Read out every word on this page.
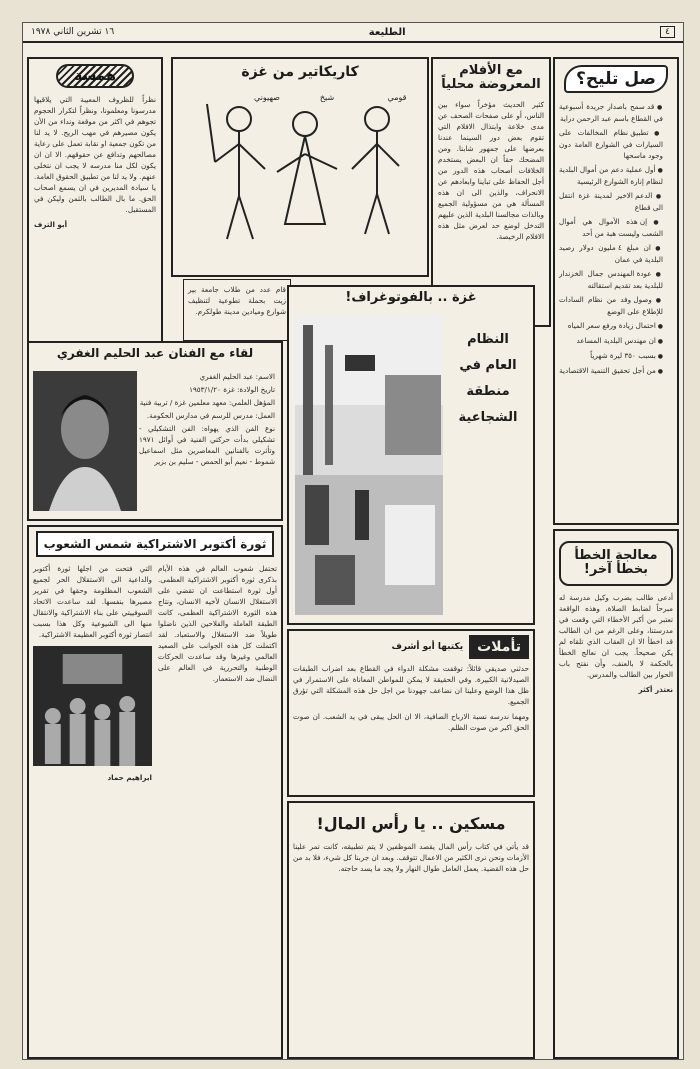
٤
الطليعة
١٦ تشرين الثاني ١٩٧٨
صل تليح؟
● قد سمح باصدار جريدة أسبوعية في القطاع باسم عبد الرحمن دراية
● تطبيق نظام المخالفات على السيارات في الشوارع العامة دون وجود ماسحها
● أول عملية دعم من أموال البلدية لنظام إنارة الشوارع الرئيسية
● الدعم الاخير لمدينة غزة انتقل الى قطاع
● إن هذه الأموال هي أموال الشعب وليست هبة من أحد
● ان مبلغ ٤ مليون دولار رصيد البلدية في عمان
● عودة المهندس جمال الخزندار للبلدية بعد تقديم استقالته
● وصول وفد من نظام السادات للإطلاع على الوضع
● احتمال زيادة ورفع سعر المياه
● ان مهندس البلدية المساعد
● بسبب ٣٥٠ ليرة شهرياً
● من أجل تحقيق التنمية الاقتصادية
مع الأفلام المعروضة محلياً
كثير الحديث مؤخراً سواء بين الناس، أو على صفحات الصحف عن مدى خلاعة وابتذال الافلام التي تقوم بعض دور السينما عندنا بعرضها على جمهور شابنا. ومن المضحك حقاً ان البعض يستخدم الخلافات أصحاب هذه الدور من أجل الحفاظ على تباينا وابعادهم عن الانحراف، والذين الى ان هذه المسألة هي من مسؤولية الجميع وبالذات مجالسنا البلدية الذين عليهم التدخل لوضع حد لعرض مثل هذه الافلام الرخيصة.
كاريكاتير من غزة
قومي
شيخ
صهيوني
همسة
نظراً للظروف المعيبة التي يلاقيها مدرسونا ومعلمونا، ونظراً لتكرار الحجوم تجوهم في اكثر من موقعة ونداء من الأن يكون مصيرهم في مهب الريح. لا يد لنا من تكون جمعية او نقابة تعمل على رعاية مصالحهم وتدافع عن حقوقهم. الا ان ان يكون لكل منا مدرسه لا يجب ان نتخلى عنهم. ولا يد لنا من تطبيق الحقوق العامة. يا سيادة المديرين في ان يسمع اصحاب الحق. ما بال الطالب بالثمن وليكن في المستقبل.
أبو الترف
لقاء مع الفنان عبد الحليم الغفري
الاسم: عبد الحليم الغفري
تاريخ الولادة: غزة ١٩٥٣/١/٢٠
المؤهل العلمي: معهد معلمين غزة / تربية فنية
العمل: مدرس للرسم في مدارس الحكومة.
نوع الفن الذي يهواه: الفن التشكيلي - تشكيلي بدأت حركتي الفنية في أوائل ١٩٧١ وتأثرت بالفنانين المعاصرين مثل اسماعيل شموط - نعيم أبو الحمص - سليم بن بزير
قام عدد من طلاب جامعة بير زيت بحملة تطوعية لتنظيف شوارع وميادين مدينة طولكرم.
غزة .. بالفوتوغراف!
النظام العام في منطقة الشجاعية
ثورة أكتوبر الاشتراكية شمس الشعوب
تحتفل شعوب العالم في هذه الأيام بذكرى ثورة أكتوبر الاشتراكية العظمى. أول ثورة استطاعت ان تقضي على الاستغلال الانسان لأخيه الانسان، ونتاج هذه الثورة الاشتراكية العظمى، كانت الطبقة العاملة والفلاحين الذين ناضلوا طويلاً ضد الاستغلال والاستعباد. لقد اكتملت كل هذه الجوانب على الصعيد العالمي وغيرها وقد ساعدت الحركات الوطنية والتحررية في العالم على النضال ضد الاستعمار.
التي فتحت من اجلها ثورة أكتوبر والداعية الى الاستقلال الحر لجميع الشعوب المظلومة وحقها في تقرير مصيرها بنفسها. لقد ساعدت الاتحاد السوفييتي على بناء الاشتراكية والانتقال منها الى الشيوعية وكل هذا بسبب انتصار ثورة أكتوبر العظيمة الاشتراكية.
ابراهيم حماد
تأملات
يكتبها أبو أشرف
حدثني صديقي قائلاً: توقفت مشكلة الدواء في القطاع بعد اضراب الطبقات الصيدلانية الكبيرة. وفي الحقيقة لا يمكن للمواطن المعاناة على الاستمرار في ظل هذا الوضع وعلينا ان نضاعف جهودنا من اجل حل هذه المشكلة التي تؤرق الجميع.
ومهما ندرسه نسبة الارباح الصافية، الا ان الحل يبقى في يد الشعب. ان صوت الحق اكبر من صوت الظلم.
مسكين .. يا رأس المال!
قد يأتي في كتاب رأس المال يقصد الموظفين لا يتم تطبيقه، كانت تمر علينا الأزمات ونحن نرى الكثير من الاعمال تتوقف. وبعد ان جربنا كل شيء، فلا بد من حل هذه القضية. يعمل العامل طوال النهار ولا يجد ما يسد حاجته.
معالجة الخطأ بخطأ آخر!
أدعى طالب بضرب وكيل مدرسة له مبرحاً لضابط الصلاة، وهذه الواقعة تعتبر من أكبر الأخطاء التي وقعت في مدرستنا، وعلى الرغم من ان الطالب قد اخطأ الا ان العقاب الذي تلقاه لم يكن صحيحاً. يجب ان نعالج الخطأ بالحكمة لا بالعنف، وأن نفتح باب الحوار بين الطالب والمدرس.
نعتذر أكثر
